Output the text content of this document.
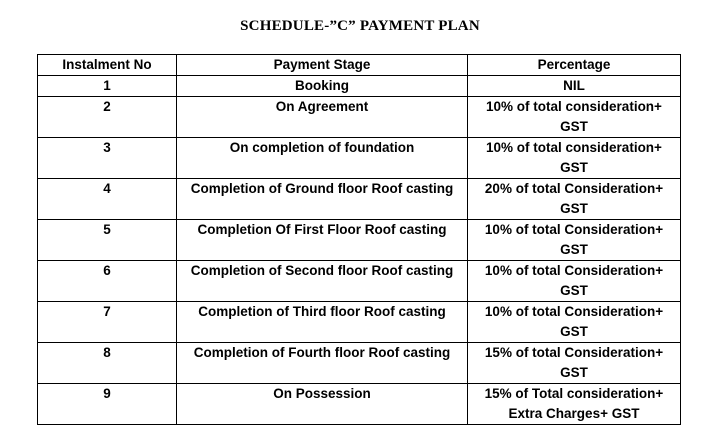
SCHEDULE-”C” PAYMENT PLAN
Instalment No	Payment Stage	Percentage
1	Booking	NIL
2	On Agreement	10% of total consideration+
GST
3	On completion of foundation	10% of total consideration+
GST
4	Completion of Ground floor Roof casting	20% of total Consideration+
GST
5	Completion Of First Floor Roof casting	10% of total Consideration+
GST
6	Completion of Second floor Roof casting	10% of total Consideration+
GST
7	Completion of Third floor Roof casting	10% of total Consideration+
GST
8	Completion of Fourth floor Roof casting	15% of total Consideration+
GST
9	On Possession	15% of Total consideration+
Extra Charges+ GST
